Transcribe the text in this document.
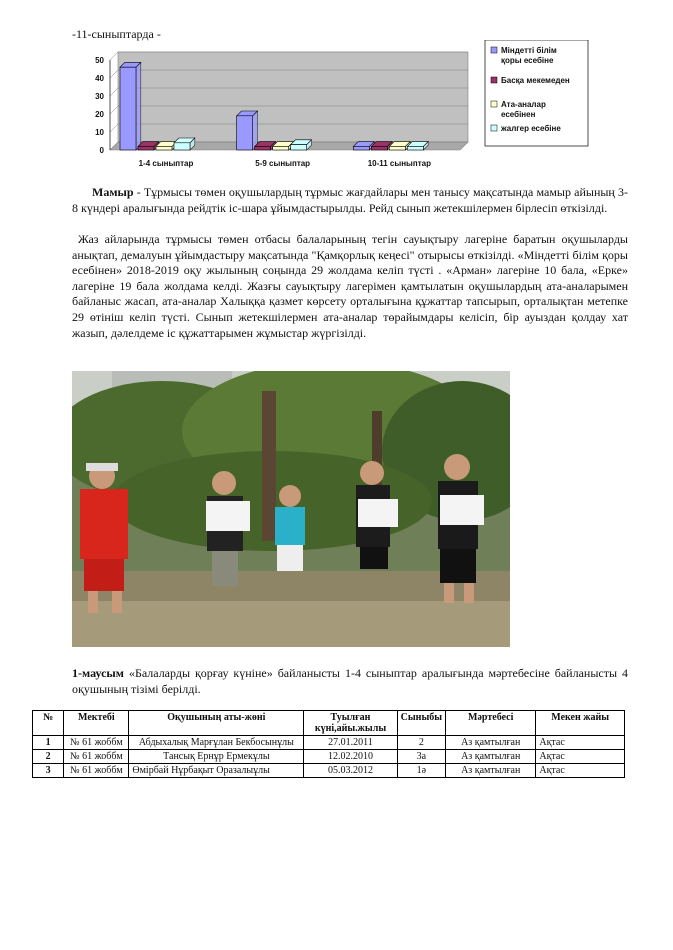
-11-сыныптарда -
0
10
20
30
40
50
1-4 сыныптар	5-9 сыныптар	10-11 сыныптар
Міндетті білім
қоры есебіне
Басқа мекемеден
Ата-аналар
есебінен
жалгер есебіне
Мамыр - Тұрмысы төмен оқушылардың тұрмыс жағдайлары мен танысу мақсатында мамыр айының 3-8 күндері аралығында рейдтік іс-шара ұйымдастырылды. Рейд сынып жетекшілермен бірлесіп өткізілді.
Жаз айларында тұрмысы төмен отбасы балаларының тегін сауықтыру лагеріне баратын оқушыларды анықтап, демалуын ұйымдастыру мақсатында "Қамқорлық кеңесі" отырысы өткізілді. «Міндетті білім қоры есебінен» 2018-2019 оқу жылының соңында 29 жолдама келіп түсті . «Арман» лагеріне 10 бала, «Ерке» лагеріне 19 бала жолдама келді. Жазғы сауықтыру лагерімен қамтылатын оқушылардың ата-аналарымен байланыс жасап, ата-аналар Халыққа қазмет көрсету орталығына құжаттар тапсырып, орталықтан метепке 29 өтініш келіп түсті. Сынып жетекшілермен ата-аналар төрайымдары келісіп, бір ауыздан қолдау хат жазып, дәлелдеме іс құжаттарымен жұмыстар жүргізілді.
1-маусым «Балаларды қорғау күніне» байланысты 1-4 сыныптар аралығында мәртебесіне байланысты 4 оқушының тізімі берілді.
№	Мектебі	Оқушының аты-жөні	Туылған күні,айы.жылы	Сыныбы	Мәртебесі	Мекен жайы
1	№ 61 жоббм	Абдыхалық Марғұлан Бекбосынұлы	27.01.2011	2	Аз қамтылған	Ақтас
2	№ 61 жоббм	Тансық Ернұр Ермекұлы	12.02.2010	3а	Аз қамтылған	Ақтас
3	№ 61 жоббм	Өмірбай Нұрбақыт Оразалыұлы	05.03.2012	1ә	Аз қамтылған	Ақтас
